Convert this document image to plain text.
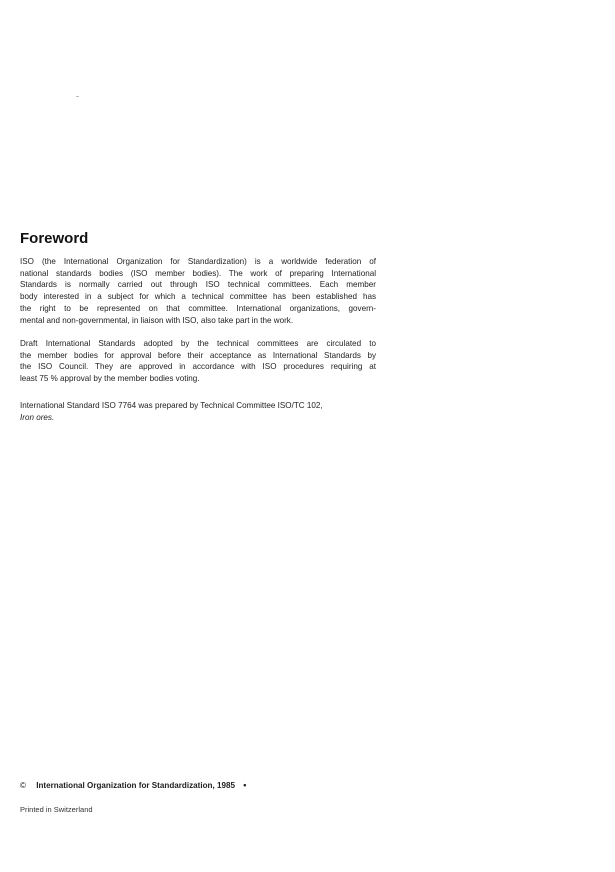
Foreword

ISO (the International Organization for Standardization) is a worldwide federation of
national standards bodies (ISO member bodies). The work of preparing International
Standards is normally carried out through ISO technical committees. Each member
body interested in a subject for which a technical committee has been established has
the right to be represented on that committee. International organizations, govern-
mental and non-governmental, in liaison with ISO, also take part in the work.

Draft International Standards adopted by the technical committees are circulated to
the member bodies for approval before their acceptance as International Standards by
the ISO Council. They are approved in accordance with ISO procedures requiring at
least 75 % approval by the member bodies voting.

International Standard ISO 7764 was prepared by Technical Committee ISO/TC 102,
Iron ores.

© International Organization for Standardization, 1985 •
Printed in Switzerland
